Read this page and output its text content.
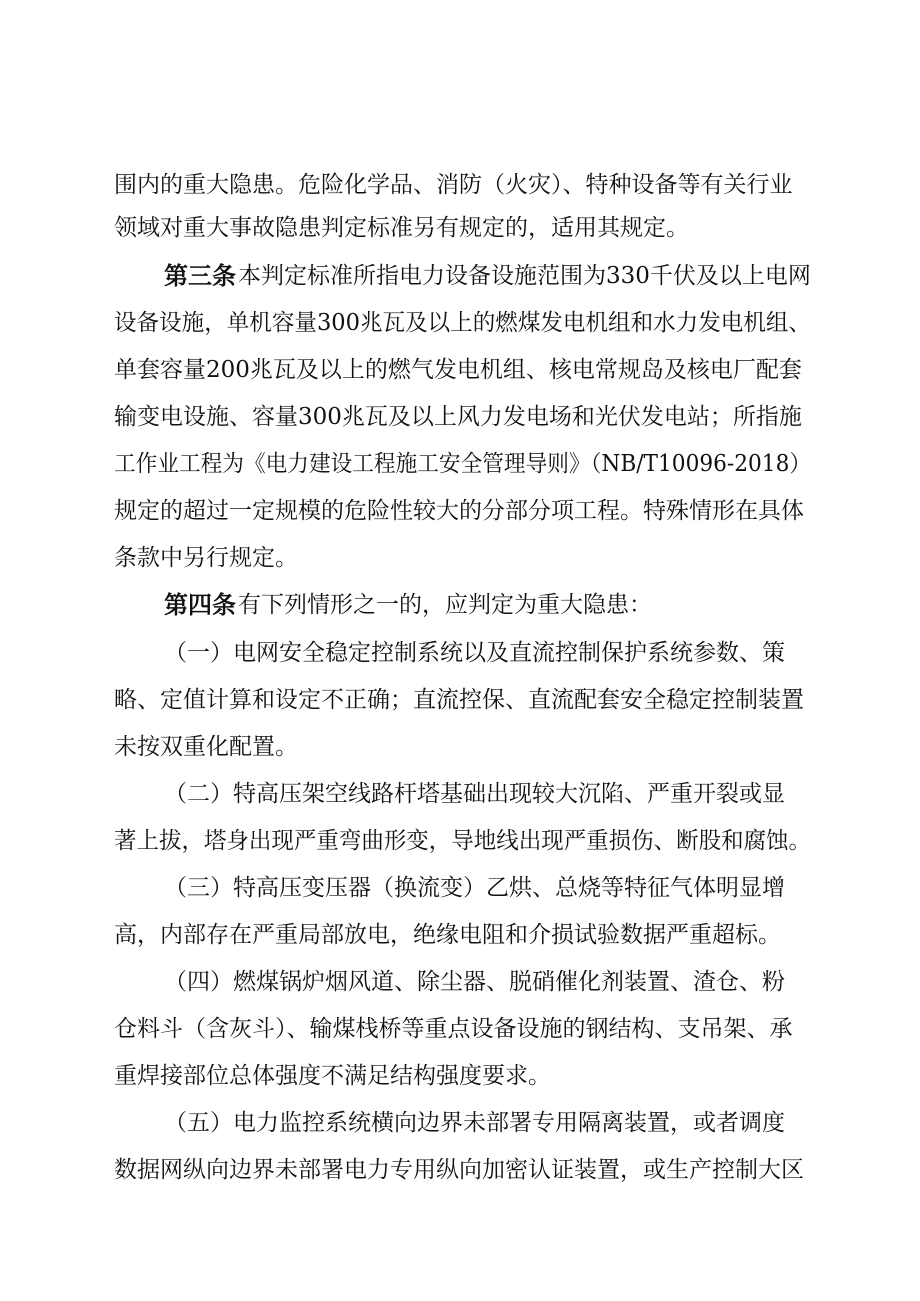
围内的重大隐患。危险化学品、消防（火灾）、特种设备等有关行业
领域对重大事故隐患判定标准另有规定的，适用其规定。
第三条 本判定标准所指电力设备设施范围为330千伏及以上电网
设备设施，单机容量300兆瓦及以上的燃煤发电机组和水力发电机组、
单套容量200兆瓦及以上的燃气发电机组、核电常规岛及核电厂配套
输变电设施、容量300兆瓦及以上风力发电场和光伏发电站；所指施
工作业工程为《电力建设工程施工安全管理导则》（NB/T10096-2018）
规定的超过一定规模的危险性较大的分部分项工程。特殊情形在具体
条款中另行规定。
第四条 有下列情形之一的，应判定为重大隐患：
（一）电网安全稳定控制系统以及直流控制保护系统参数、策
略、定值计算和设定不正确；直流控保、直流配套安全稳定控制装置
未按双重化配置。
（二）特高压架空线路杆塔基础出现较大沉陷、严重开裂或显
著上拔，塔身出现严重弯曲形变，导地线出现严重损伤、断股和腐蚀。
（三）特高压变压器（换流变）乙烘、总烧等特征气体明显增
高，内部存在严重局部放电，绝缘电阻和介损试验数据严重超标。
（四）燃煤锅炉烟风道、除尘器、脱硝催化剂装置、渣仓、粉
仓料斗（含灰斗）、输煤栈桥等重点设备设施的钢结构、支吊架、承
重焊接部位总体强度不满足结构强度要求。
（五）电力监控系统横向边界未部署专用隔离装置，或者调度
数据网纵向边界未部署电力专用纵向加密认证装置，或生产控制大区
